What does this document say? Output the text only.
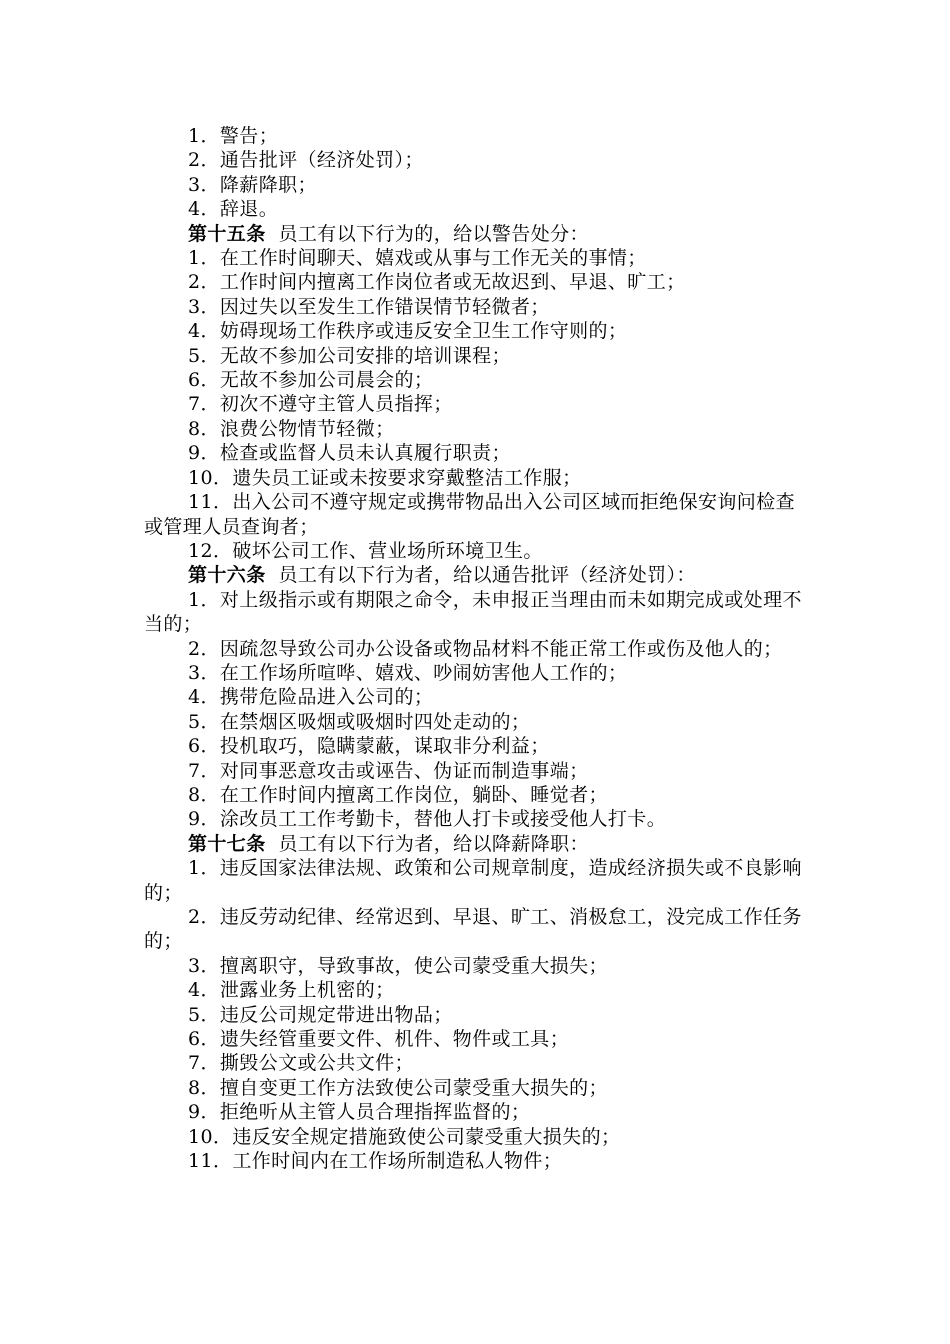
1．警告；

2．通告批评（经济处罚）；

3．降薪降职；

4．辞退。

第十五条  员工有以下行为的，给以警告处分：

1．在工作时间聊天、嬉戏或从事与工作无关的事情；

2．工作时间内擅离工作岗位者或无故迟到、早退、旷工；

3．因过失以至发生工作错误情节轻微者；

4．妨碍现场工作秩序或违反安全卫生工作守则的；

5．无故不参加公司安排的培训课程；

6．无故不参加公司晨会的；

7．初次不遵守主管人员指挥；

8．浪费公物情节轻微；

9．检查或监督人员未认真履行职责；

10．遗失员工证或未按要求穿戴整洁工作服；

11．出入公司不遵守规定或携带物品出入公司区域而拒绝保安询问检查或管理人员查询者；

12．破坏公司工作、营业场所环境卫生。

第十六条  员工有以下行为者，给以通告批评（经济处罚）：

1．对上级指示或有期限之命令，未申报正当理由而未如期完成或处理不当的；

2．因疏忽导致公司办公设备或物品材料不能正常工作或伤及他人的；

3．在工作场所喧哗、嬉戏、吵闹妨害他人工作的；

4．携带危险品进入公司的；

5．在禁烟区吸烟或吸烟时四处走动的；

6．投机取巧，隐瞒蒙蔽，谋取非分利益；

7．对同事恶意攻击或诬告、伪证而制造事端；

8．在工作时间内擅离工作岗位，躺卧、睡觉者；

9．涂改员工工作考勤卡，替他人打卡或接受他人打卡。

第十七条  员工有以下行为者，给以降薪降职：

1．违反国家法律法规、政策和公司规章制度，造成经济损失或不良影响的；

2．违反劳动纪律、经常迟到、早退、旷工、消极怠工，没完成工作任务的；

3．擅离职守，导致事故，使公司蒙受重大损失；

4．泄露业务上机密的；

5．违反公司规定带进出物品；

6．遗失经管重要文件、机件、物件或工具；

7．撕毁公文或公共文件；

8．擅自变更工作方法致使公司蒙受重大损失的；

9．拒绝听从主管人员合理指挥监督的；

10．违反安全规定措施致使公司蒙受重大损失的；

11．工作时间内在工作场所制造私人物件；
